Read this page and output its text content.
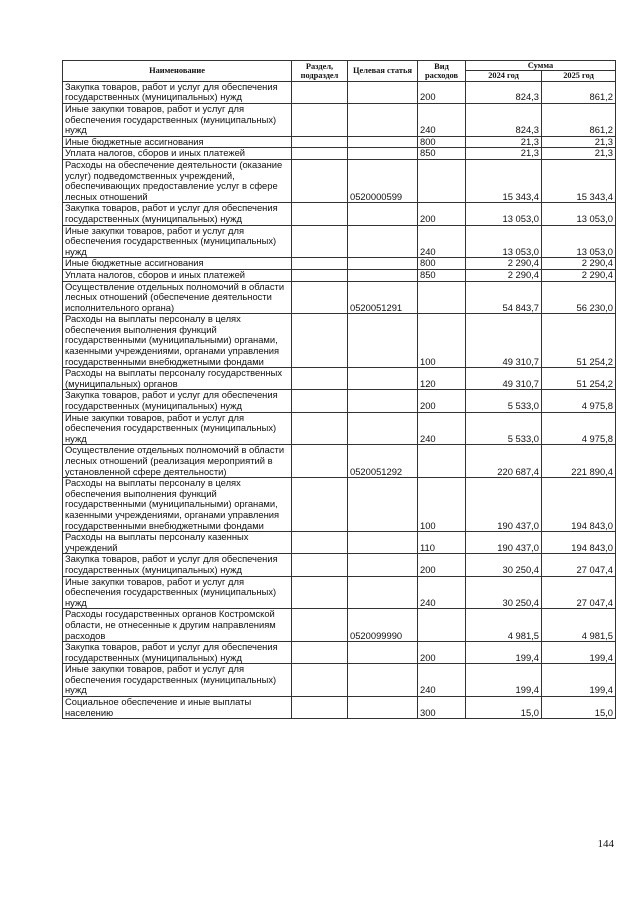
Наименование	Раздел, подраздел	Целевая статья	Вид расходов	Сумма	
				2024 год	2025 год
Закупка товаров, работ и услуг для обеспечения государственных (муниципальных) нужд			200	824,3	861,2
Иные закупки товаров, работ и услуг для обеспечения государственных (муниципальных) нужд			240	824,3	861,2
Иные бюджетные ассигнования			800	21,3	21,3
Уплата налогов, сборов и иных платежей			850	21,3	21,3
Расходы на обеспечение деятельности (оказание услуг) подведомственных учреждений, обеспечивающих предоставление услуг в сфере лесных отношений		0520000599		15 343,4	15 343,4
Закупка товаров, работ и услуг для обеспечения государственных (муниципальных) нужд			200	13 053,0	13 053,0
Иные закупки товаров, работ и услуг для обеспечения государственных (муниципальных) нужд			240	13 053,0	13 053,0
Иные бюджетные ассигнования			800	2 290,4	2 290,4
Уплата налогов, сборов и иных платежей			850	2 290,4	2 290,4
Осуществление отдельных полномочий в области лесных отношений (обеспечение деятельности исполнительного органа)		0520051291		54 843,7	56 230,0
Расходы на выплаты персоналу в целях обеспечения выполнения функций государственными (муниципальными) органами, казенными учреждениями, органами управления государственными внебюджетными фондами			100	49 310,7	51 254,2
Расходы на выплаты персоналу государственных (муниципальных) органов			120	49 310,7	51 254,2
Закупка товаров, работ и услуг для обеспечения государственных (муниципальных) нужд			200	5 533,0	4 975,8
Иные закупки товаров, работ и услуг для обеспечения государственных (муниципальных) нужд			240	5 533,0	4 975,8
Осуществление отдельных полномочий в области лесных отношений (реализация мероприятий в установленной сфере деятельности)		0520051292		220 687,4	221 890,4
Расходы на выплаты персоналу в целях обеспечения выполнения функций государственными (муниципальными) органами, казенными учреждениями, органами управления государственными внебюджетными фондами			100	190 437,0	194 843,0
Расходы на выплаты персоналу казенных учреждений			110	190 437,0	194 843,0
Закупка товаров, работ и услуг для обеспечения государственных (муниципальных) нужд			200	30 250,4	27 047,4
Иные закупки товаров, работ и услуг для обеспечения государственных (муниципальных) нужд			240	30 250,4	27 047,4
Расходы государственных органов Костромской области, не отнесенные к другим направлениям расходов		0520099990		4 981,5	4 981,5
Закупка товаров, работ и услуг для обеспечения государственных (муниципальных) нужд			200	199,4	199,4
Иные закупки товаров, работ и услуг для обеспечения государственных (муниципальных) нужд			240	199,4	199,4
Социальное обеспечение и иные выплаты населению			300	15,0	15,0
144
